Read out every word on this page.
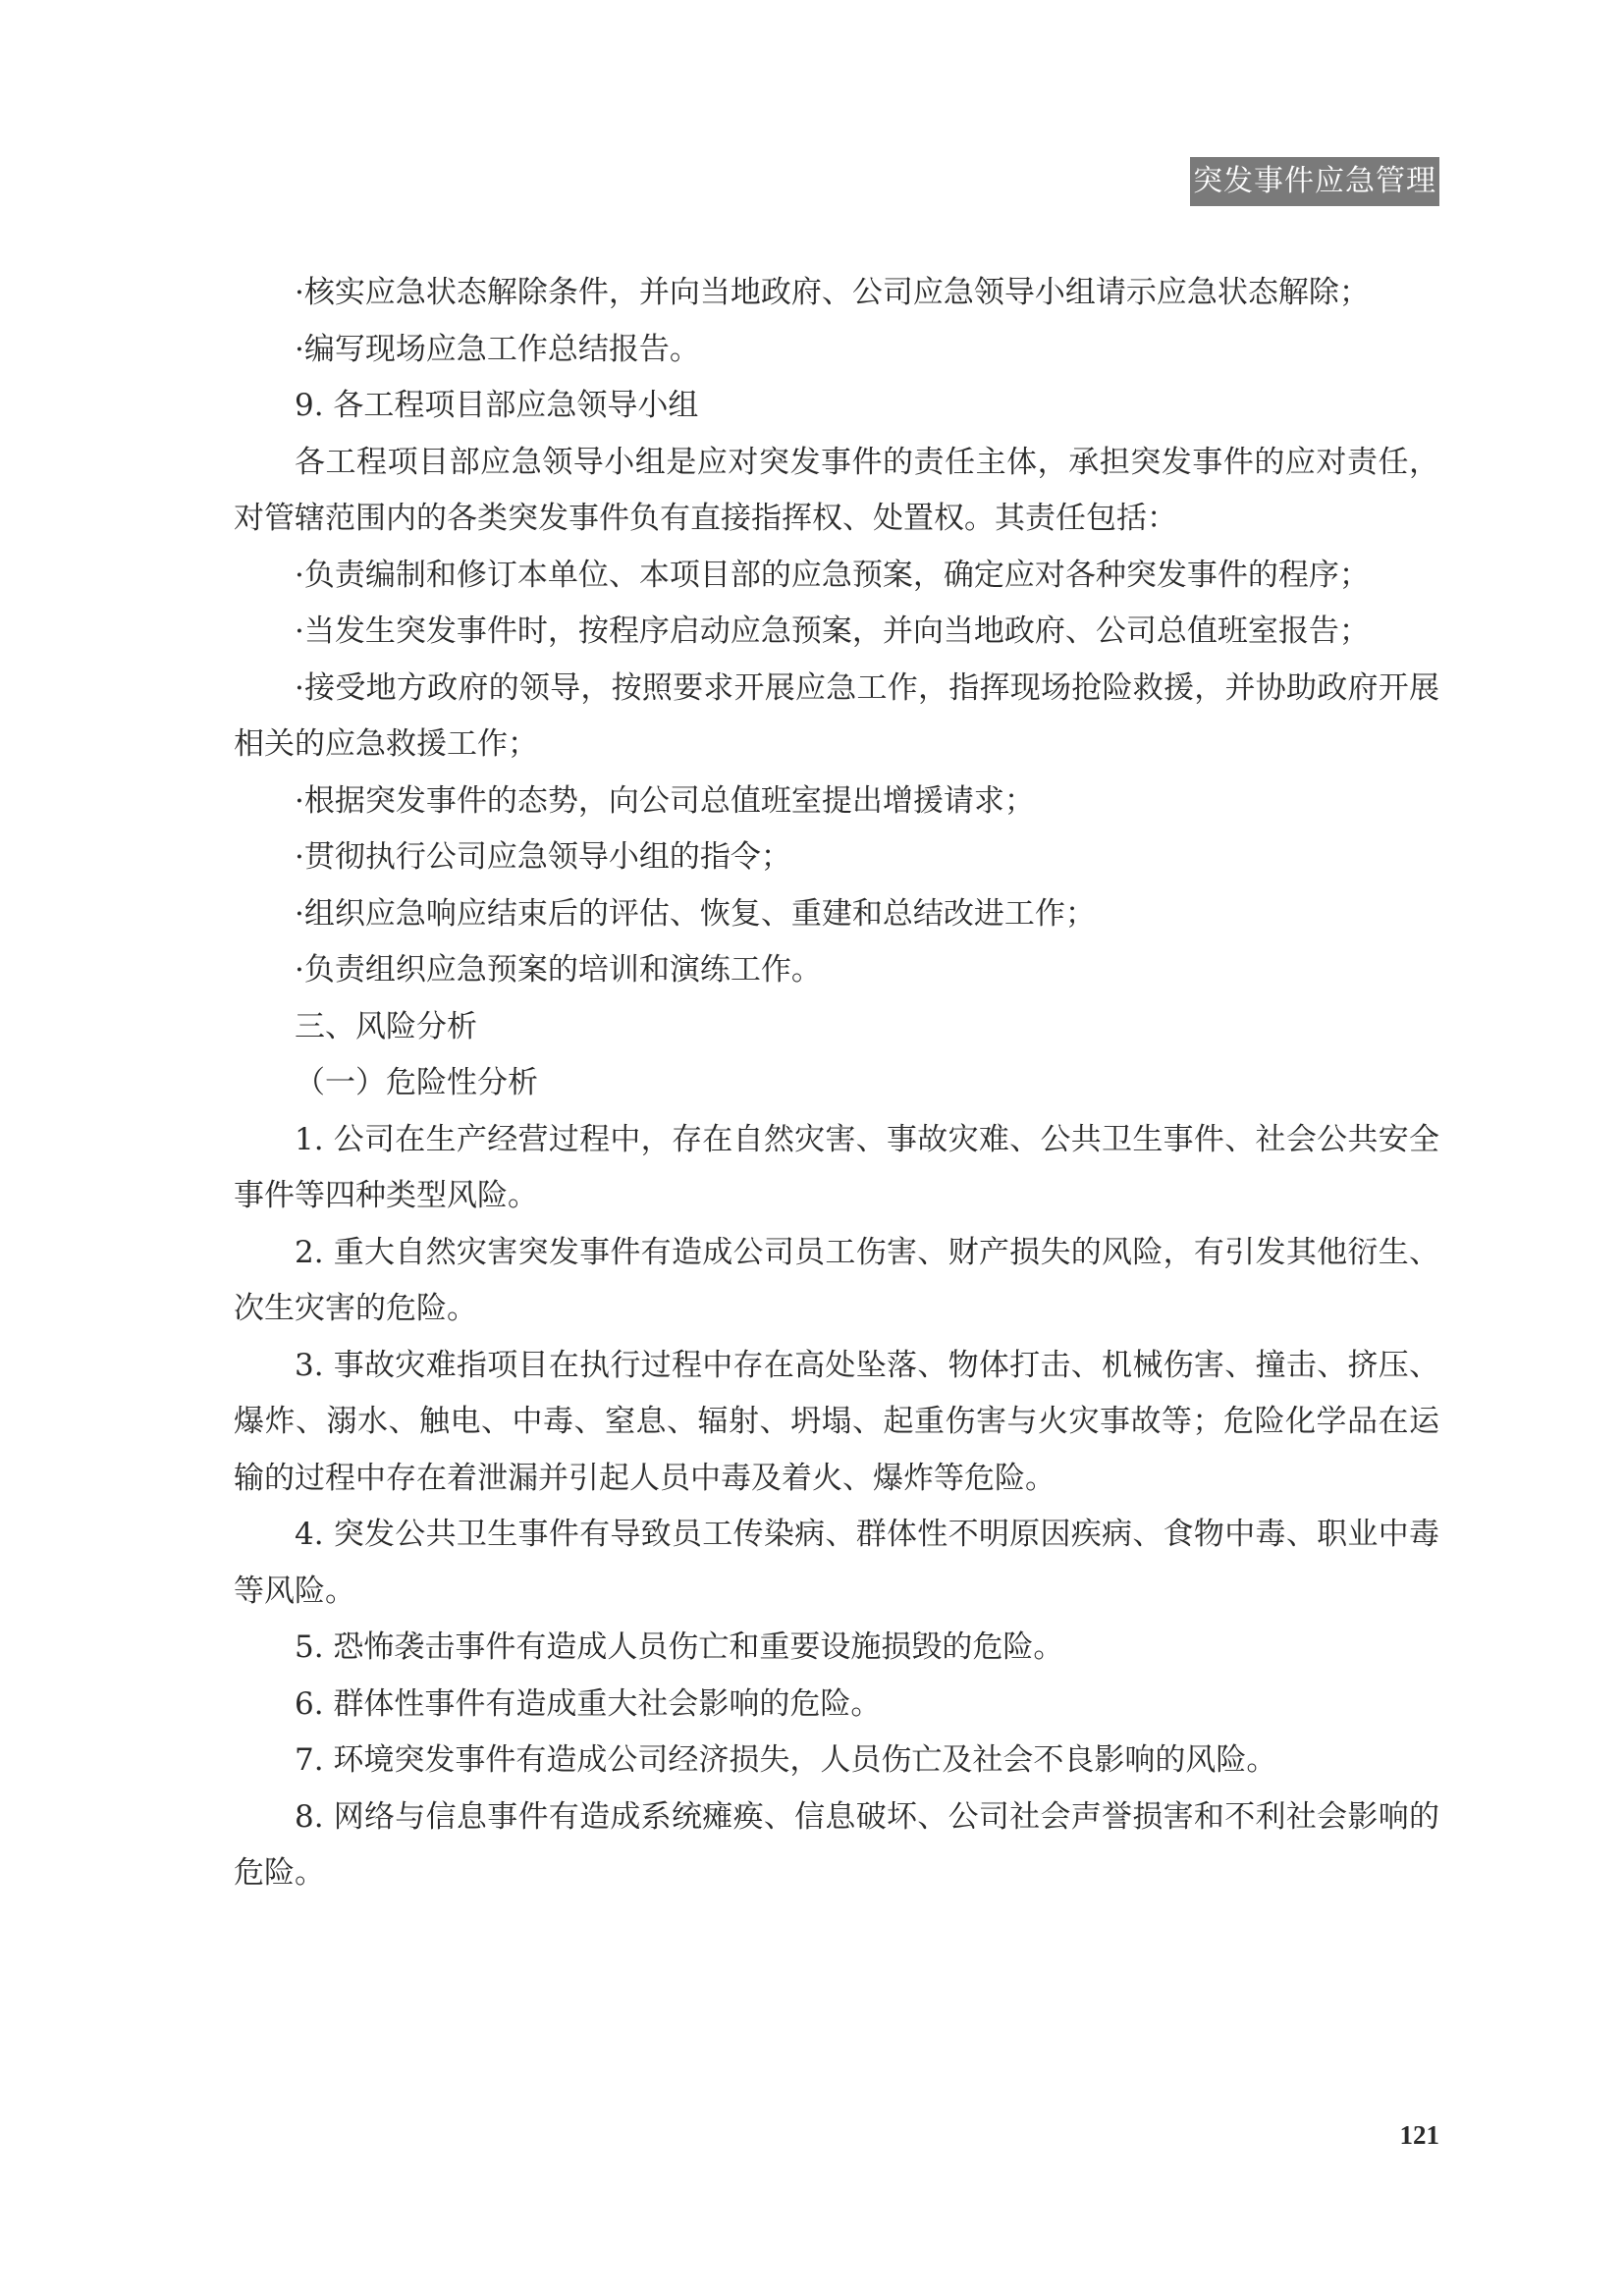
突发事件应急管理

·核实应急状态解除条件，并向当地政府、公司应急领导小组请示应急状态解除；

·编写现场应急工作总结报告。

9. 各工程项目部应急领导小组

各工程项目部应急领导小组是应对突发事件的责任主体，承担突发事件的应对责任，对管辖范围内的各类突发事件负有直接指挥权、处置权。其责任包括：

·负责编制和修订本单位、本项目部的应急预案，确定应对各种突发事件的程序；

·当发生突发事件时，按程序启动应急预案，并向当地政府、公司总值班室报告；

·接受地方政府的领导，按照要求开展应急工作，指挥现场抢险救援，并协助政府开展相关的应急救援工作；

·根据突发事件的态势，向公司总值班室提出增援请求；

·贯彻执行公司应急领导小组的指令；

·组织应急响应结束后的评估、恢复、重建和总结改进工作；

·负责组织应急预案的培训和演练工作。

三、风险分析

（一）危险性分析

1. 公司在生产经营过程中，存在自然灾害、事故灾难、公共卫生事件、社会公共安全事件等四种类型风险。

2. 重大自然灾害突发事件有造成公司员工伤害、财产损失的风险，有引发其他衍生、次生灾害的危险。

3. 事故灾难指项目在执行过程中存在高处坠落、物体打击、机械伤害、撞击、挤压、爆炸、溺水、触电、中毒、窒息、辐射、坍塌、起重伤害与火灾事故等；危险化学品在运输的过程中存在着泄漏并引起人员中毒及着火、爆炸等危险。

4. 突发公共卫生事件有导致员工传染病、群体性不明原因疾病、食物中毒、职业中毒等风险。

5. 恐怖袭击事件有造成人员伤亡和重要设施损毁的危险。

6. 群体性事件有造成重大社会影响的危险。

7. 环境突发事件有造成公司经济损失，人员伤亡及社会不良影响的风险。

8. 网络与信息事件有造成系统瘫痪、信息破坏、公司社会声誉损害和不利社会影响的危险。

121
